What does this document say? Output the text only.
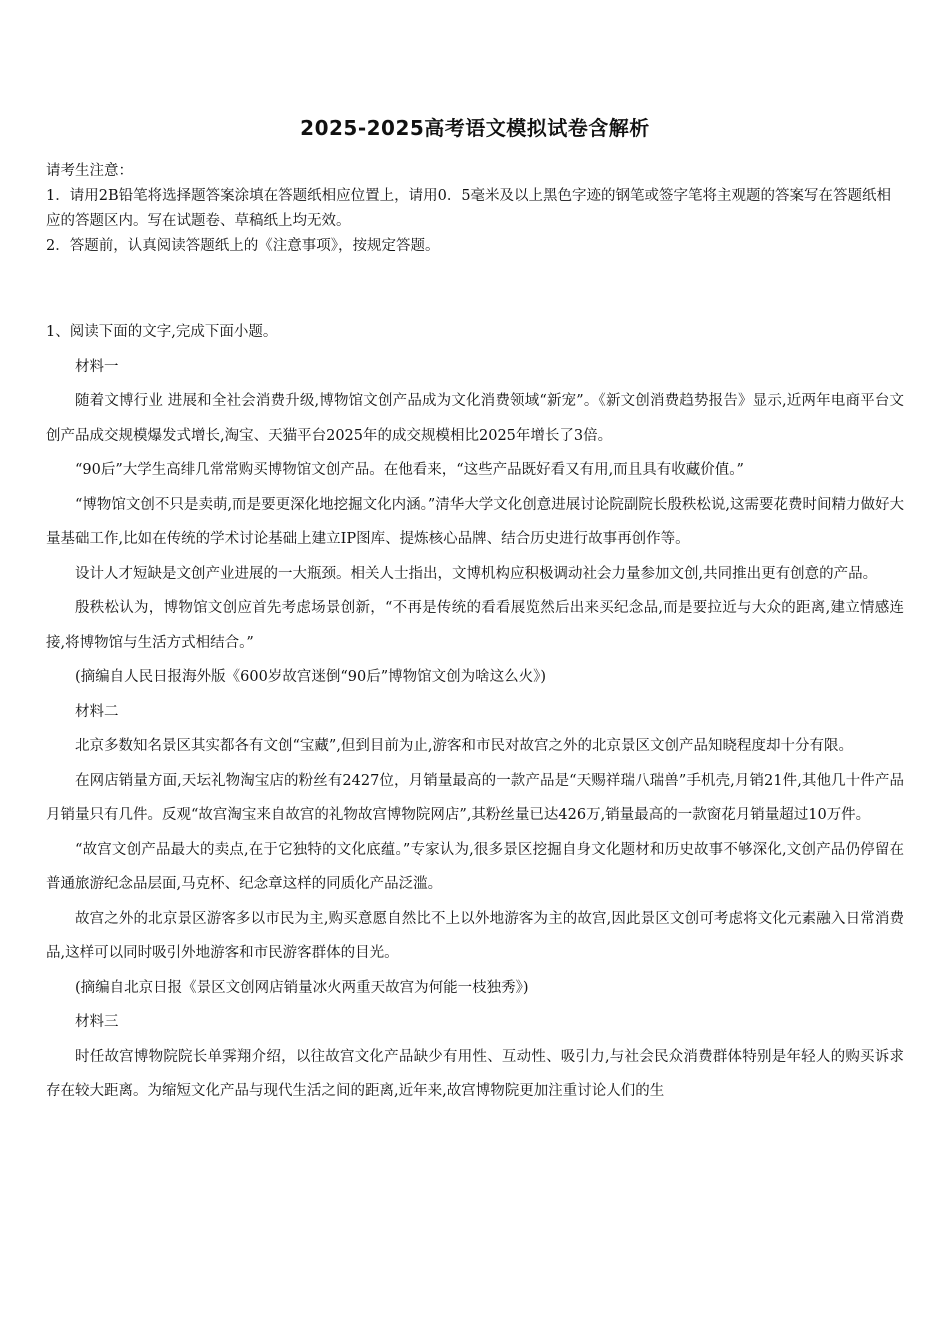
2025-2025高考语文模拟试卷含解析

请考生注意：

1．请用2B铅笔将选择题答案涂填在答题纸相应位置上，请用0．5毫米及以上黑色字迹的钢笔或签字笔将主观题的答案写在答题纸相应的答题区内。写在试题卷、草稿纸上均无效。

2．答题前，认真阅读答题纸上的《注意事项》，按规定答题。

1、阅读下面的文字,完成下面小题。

材料一

随着文博行业 进展和全社会消费升级,博物馆文创产品成为文化消费领域“新宠”。《新文创消费趋势报告》显示,近两年电商平台文创产品成交规模爆发式增长,淘宝、天猫平台2025年的成交规模相比2025年增长了3倍。

“90后”大学生高绯几常常购买博物馆文创产品。在他看来，“这些产品既好看又有用,而且具有收藏价值。”

“博物馆文创不只是卖萌,而是要更深化地挖掘文化内涵。”清华大学文化创意进展讨论院副院长殷秩松说,这需要花费时间精力做好大量基础工作,比如在传统的学术讨论基础上建立IP图库、提炼核心品牌、结合历史进行故事再创作等。

设计人才短缺是文创产业进展的一大瓶颈。相关人士指出，文博机构应积极调动社会力量参加文创,共同推出更有创意的产品。

殷秩松认为，博物馆文创应首先考虑场景创新，“不再是传统的看看展览然后出来买纪念品,而是要拉近与大众的距离,建立情感连接,将博物馆与生活方式相结合。”

(摘编自人民日报海外版《600岁故宫迷倒“90后”博物馆文创为啥这么火》)

材料二

北京多数知名景区其实都各有文创“宝藏”,但到目前为止,游客和市民对故宫之外的北京景区文创产品知晓程度却十分有限。

在网店销量方面,天坛礼物淘宝店的粉丝有2427位，月销量最高的一款产品是“天赐祥瑞八瑞兽”手机壳,月销21件,其他几十件产品月销量只有几件。反观“故宫淘宝来自故宫的礼物故宫博物院网店”,其粉丝量已达426万,销量最高的一款窗花月销量超过10万件。

“故宫文创产品最大的卖点,在于它独特的文化底蕴。”专家认为,很多景区挖掘自身文化题材和历史故事不够深化,文创产品仍停留在普通旅游纪念品层面,马克杯、纪念章这样的同质化产品泛滥。

故宫之外的北京景区游客多以市民为主,购买意愿自然比不上以外地游客为主的故宫,因此景区文创可考虑将文化元素融入日常消费品,这样可以同时吸引外地游客和市民游客群体的目光。

(摘编自北京日报《景区文创网店销量冰火两重天故宫为何能一枝独秀》)

材料三

时任故宫博物院院长单霁翔介绍，以往故宫文化产品缺少有用性、互动性、吸引力,与社会民众消费群体特别是年轻人的购买诉求存在较大距离。为缩短文化产品与现代生活之间的距离,近年来,故宫博物院更加注重讨论人们的生
